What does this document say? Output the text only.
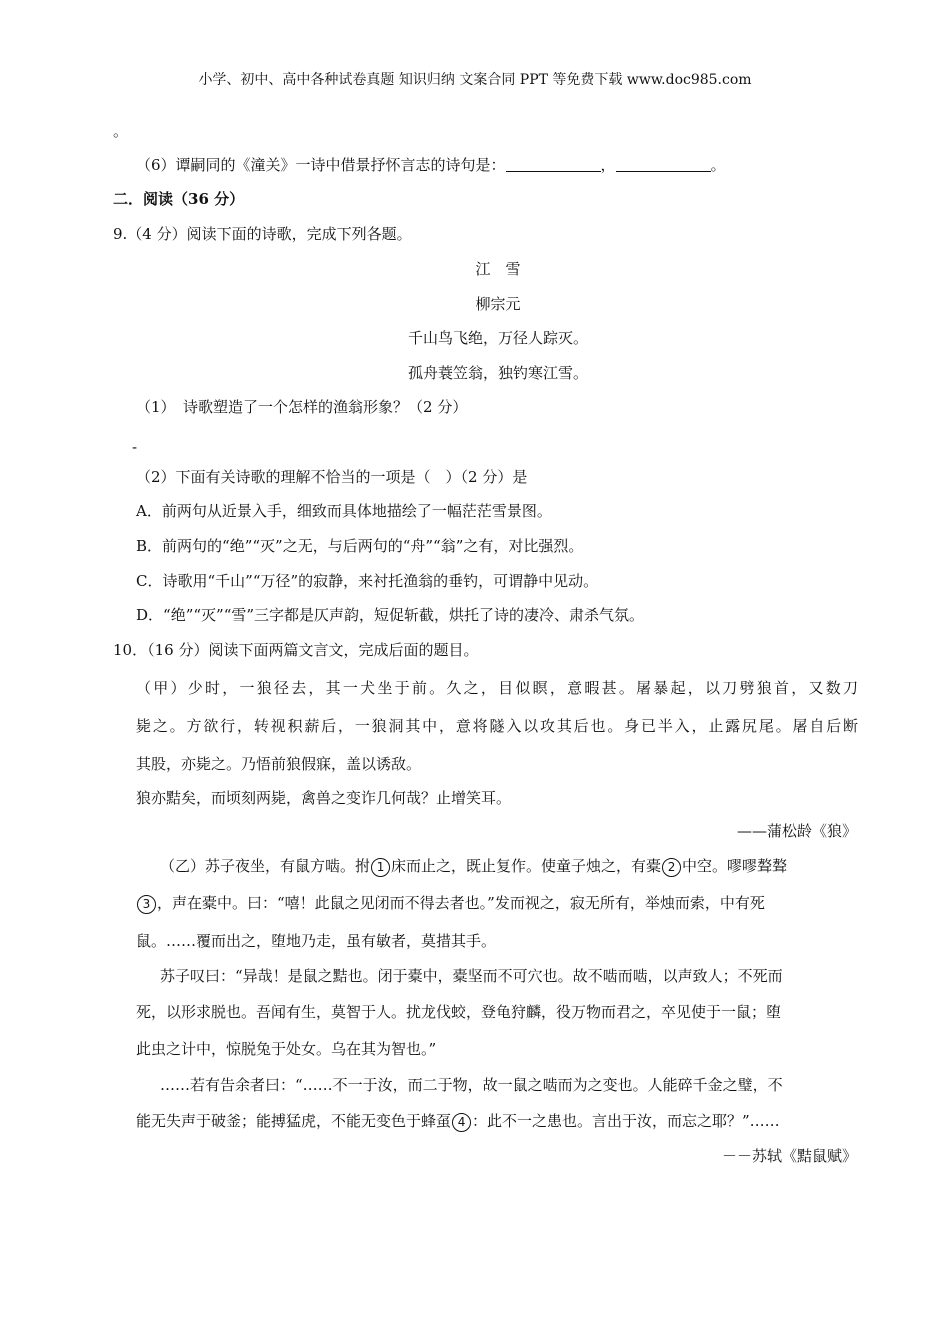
小学、初中、高中各种试卷真题 知识归纳 文案合同 PPT 等免费下载 www.doc985.com
。
（6）谭嗣同的《潼关》一诗中借景抒怀言志的诗句是：	，	。
二．阅读（36 分）
9.（4 分）阅读下面的诗歌，完成下列各题。
江　雪
柳宗元
千山鸟飞绝，万径人踪灭。
孤舟蓑笠翁，独钓寒江雪。
（1）　诗歌塑造了一个怎样的渔翁形象？（2 分）
-
（2）下面有关诗歌的理解不恰当的一项是（　）（2 分）是
A．前两句从近景入手，细致而具体地描绘了一幅茫茫雪景图。
B．前两句的“绝”“灭”之无，与后两句的“舟”“翁”之有，对比强烈。
C．诗歌用“千山”“万径”的寂静，来衬托渔翁的垂钓，可谓静中见动。
D．“绝”“灭”“雪”三字都是仄声韵，短促斩截，烘托了诗的凄冷、肃杀气氛。
10．（16 分）阅读下面两篇文言文，完成后面的题目。
（甲）少时，一狼径去，其一犬坐于前。久之，目似瞑，意暇甚。屠暴起，以刀劈狼首，又数刀
毙之。方欲行，转视积薪后，一狼洞其中，意将隧入以攻其后也。身已半入，止露尻尾。屠自后断
其股，亦毙之。乃悟前狼假寐，盖以诱敌。
狼亦黠矣，而顷刻两毙，禽兽之变诈几何哉？止增笑耳。
——蒲松龄《狼》
（乙）苏子夜坐，有鼠方啮。拊 1 床而止之，既止复作。使童子烛之，有橐 2 中空。嘐嘐聱聱
3 ，声在橐中。曰：“嘻！此鼠之见闭而不得去者也。”发而视之，寂无所有，举烛而索，中有死
鼠。……覆而出之，堕地乃走，虽有敏者，莫措其手。
苏子叹曰：“异哉！是鼠之黠也。闭于橐中，橐坚而不可穴也。故不啮而啮，以声致人；不死而
死，以形求脱也。吾闻有生，莫智于人。扰龙伐蛟，登龟狩麟，役万物而君之，卒见使于一鼠；堕
此虫之计中，惊脱兔于处女。乌在其为智也。”
……若有告余者曰：“……不一于汝，而二于物，故一鼠之啮而为之变也。人能碎千金之璧，不
能无失声于破釜；能搏猛虎，不能无变色于蜂虿 4 ：此不一之患也。言出于汝，而忘之耶？”……
－－苏轼《黠鼠赋》
